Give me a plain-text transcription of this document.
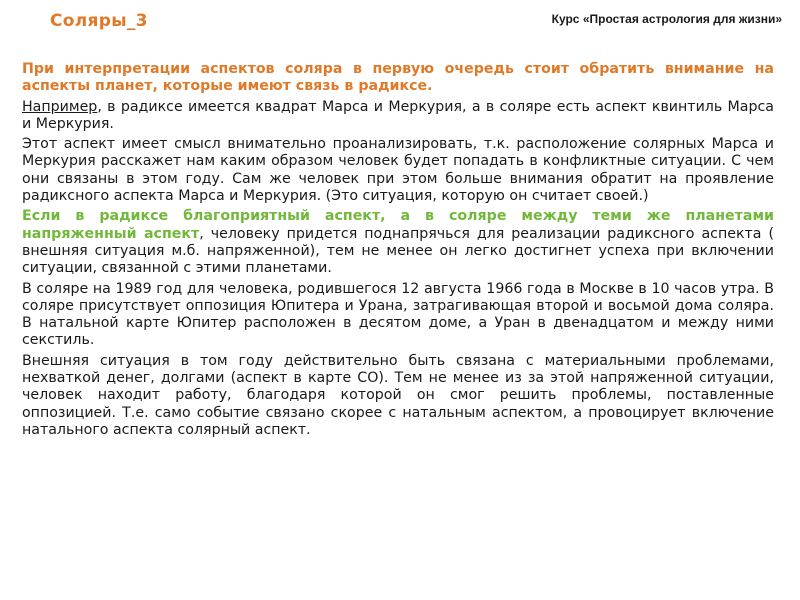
Соляры_3	Курс «Простая астрология для жизни»

При интерпретации аспектов соляра в первую очередь стоит обратить внимание на аспекты планет, которые имеют связь в радиксе.

Например, в радиксе имеется квадрат Марса и Меркурия, а в соляре есть аспект квинтиль Марса и Меркурия.

Этот аспект имеет смысл внимательно проанализировать, т.к. расположение солярных Марса и Меркурия расскажет нам каким образом человек будет попадать в конфликтные ситуации. С чем они связаны в этом году. Сам же человек при этом больше внимания обратит на проявление радиксного аспекта Марса и Меркурия. (Это ситуация, которую он считает своей.)

Если в радиксе благоприятный аспект, а в соляре между теми же планетами напряженный аспект, человеку придется поднапрячься для реализации радиксного аспекта ( внешняя ситуация м.б. напряженной), тем не менее он легко достигнет успеха при включении ситуации, связанной с этими планетами.

В соляре на 1989 год для человека, родившегося 12 августа 1966 года в Москве в 10 часов утра. В соляре присутствует оппозиция Юпитера и Урана, затрагивающая второй и восьмой дома соляра. В натальной карте Юпитер расположен в десятом доме, а Уран в двенадцатом и между ними секстиль.

Внешняя ситуация в том году действительно быть связана с материальными проблемами, нехваткой денег, долгами (аспект в карте СО). Тем не менее из за этой напряженной ситуации, человек находит работу, благодаря которой он смог решить проблемы, поставленные оппозицией. Т.е. само событие связано скорее с натальным аспектом, а провоцирует включение натального аспекта солярный аспект.
